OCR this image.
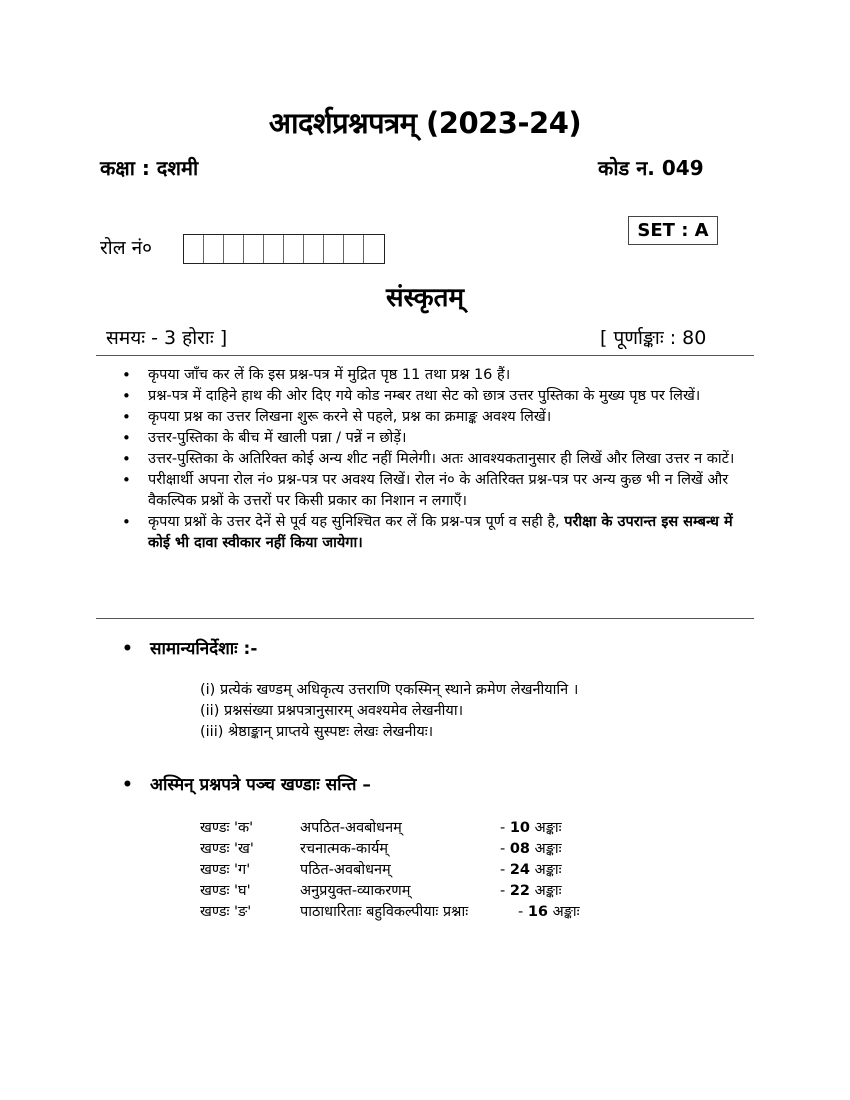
आदर्शप्रश्नपत्रम् (2023-24)
कक्षा : दशमी	कोड न. 049
SET : A
रोल नं०
संस्कृतम्
समयः - 3 होराः ]	[ पूर्णाङ्काः : 80
• कृपया जाँच कर लें कि इस प्रश्न-पत्र में मुद्रित पृष्ठ 11 तथा प्रश्न 16 हैं।
• प्रश्न-पत्र में दाहिने हाथ की ओर दिए गये कोड नम्बर तथा सेट को छात्र उत्तर पुस्तिका के मुख्य पृष्ठ पर लिखें।
• कृपया प्रश्न का उत्तर लिखना शुरू करने से पहले, प्रश्न का क्रमाङ्क अवश्य लिखें।
• उत्तर-पुस्तिका के बीच में खाली पन्ना / पन्नें न छोड़ें।
• उत्तर-पुस्तिका के अतिरिक्त कोई अन्य शीट नहीं मिलेगी। अतः आवश्यकतानुसार ही लिखें और लिखा उत्तर न काटें।
• परीक्षार्थी अपना रोल नं० प्रश्न-पत्र पर अवश्य लिखें। रोल नं० के अतिरिक्त प्रश्न-पत्र पर अन्य कुछ भी न लिखें और वैकल्पिक प्रश्नों के उत्तरों पर किसी प्रकार का निशान न लगाएँ।
• कृपया प्रश्नों के उत्तर देनें से पूर्व यह सुनिश्चित कर लें कि प्रश्न-पत्र पूर्ण व सही है, परीक्षा के उपरान्त इस सम्बन्ध में कोई भी दावा स्वीकार नहीं किया जायेगा।
• सामान्यनिर्देशाः :-
(i) प्रत्येकं खण्डम् अधिकृत्य उत्तराणि एकस्मिन् स्थाने क्रमेण लेखनीयानि ।
(ii) प्रश्नसंख्या प्रश्नपत्रानुसारम् अवश्यमेव लेखनीया।
(iii) श्रेष्ठाङ्कान् प्राप्तये सुस्पष्टः लेखः लेखनीयः।
• अस्मिन् प्रश्नपत्रे पञ्च खण्डाः सन्ति –
खण्डः 'क'	अपठित-अवबोधनम्	- 10 अङ्काः
खण्डः 'ख'	रचनात्मक-कार्यम्	- 08 अङ्काः
खण्डः 'ग'	पठित-अवबोधनम्	- 24 अङ्काः
खण्डः 'घ'	अनुप्रयुक्त-व्याकरणम्	- 22 अङ्काः
खण्डः 'ङ'	पाठाधारिताः बहुविकल्पीयाः प्रश्नाः	- 16 अङ्काः
